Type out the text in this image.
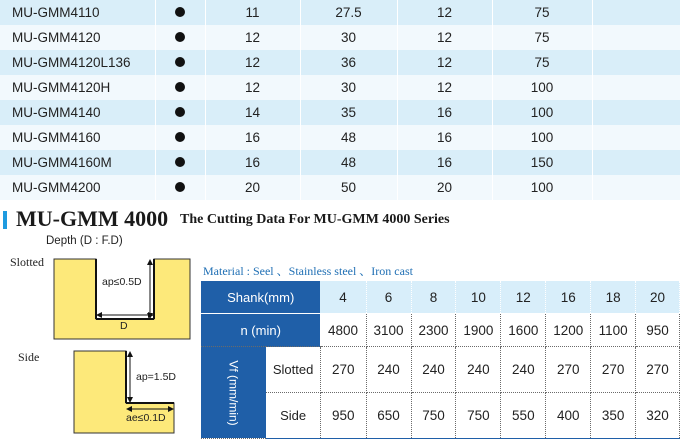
MU-GMM4110		11	27.5	12	75	
MU-GMM4120		12	30	12	75	
MU-GMM4120L136		12	36	12	75	
MU-GMM4120H		12	30	12	100	
MU-GMM4140		14	35	16	100	
MU-GMM4160		16	48	16	100	
MU-GMM4160M		16	48	16	150	
MU-GMM4200		20	50	20	100	
MU-GMM 4000 The Cutting Data For MU-GMM 4000 Series
Depth (D : F.D)
Slotted
ap≤0.5D
D
Side
ap=1.5D
ae≤0.1D
Material : Seel 、Stainless steel 、Iron cast
Shank(mm)		4	6	8	10	12	16	18	20
n (min)		4800	3100	2300	1900	1600	1200	1100	950
Vf (mm/min)	Slotted	270	240	240	240	240	270	270	270
	Side	950	650	750	750	550	400	350	320
